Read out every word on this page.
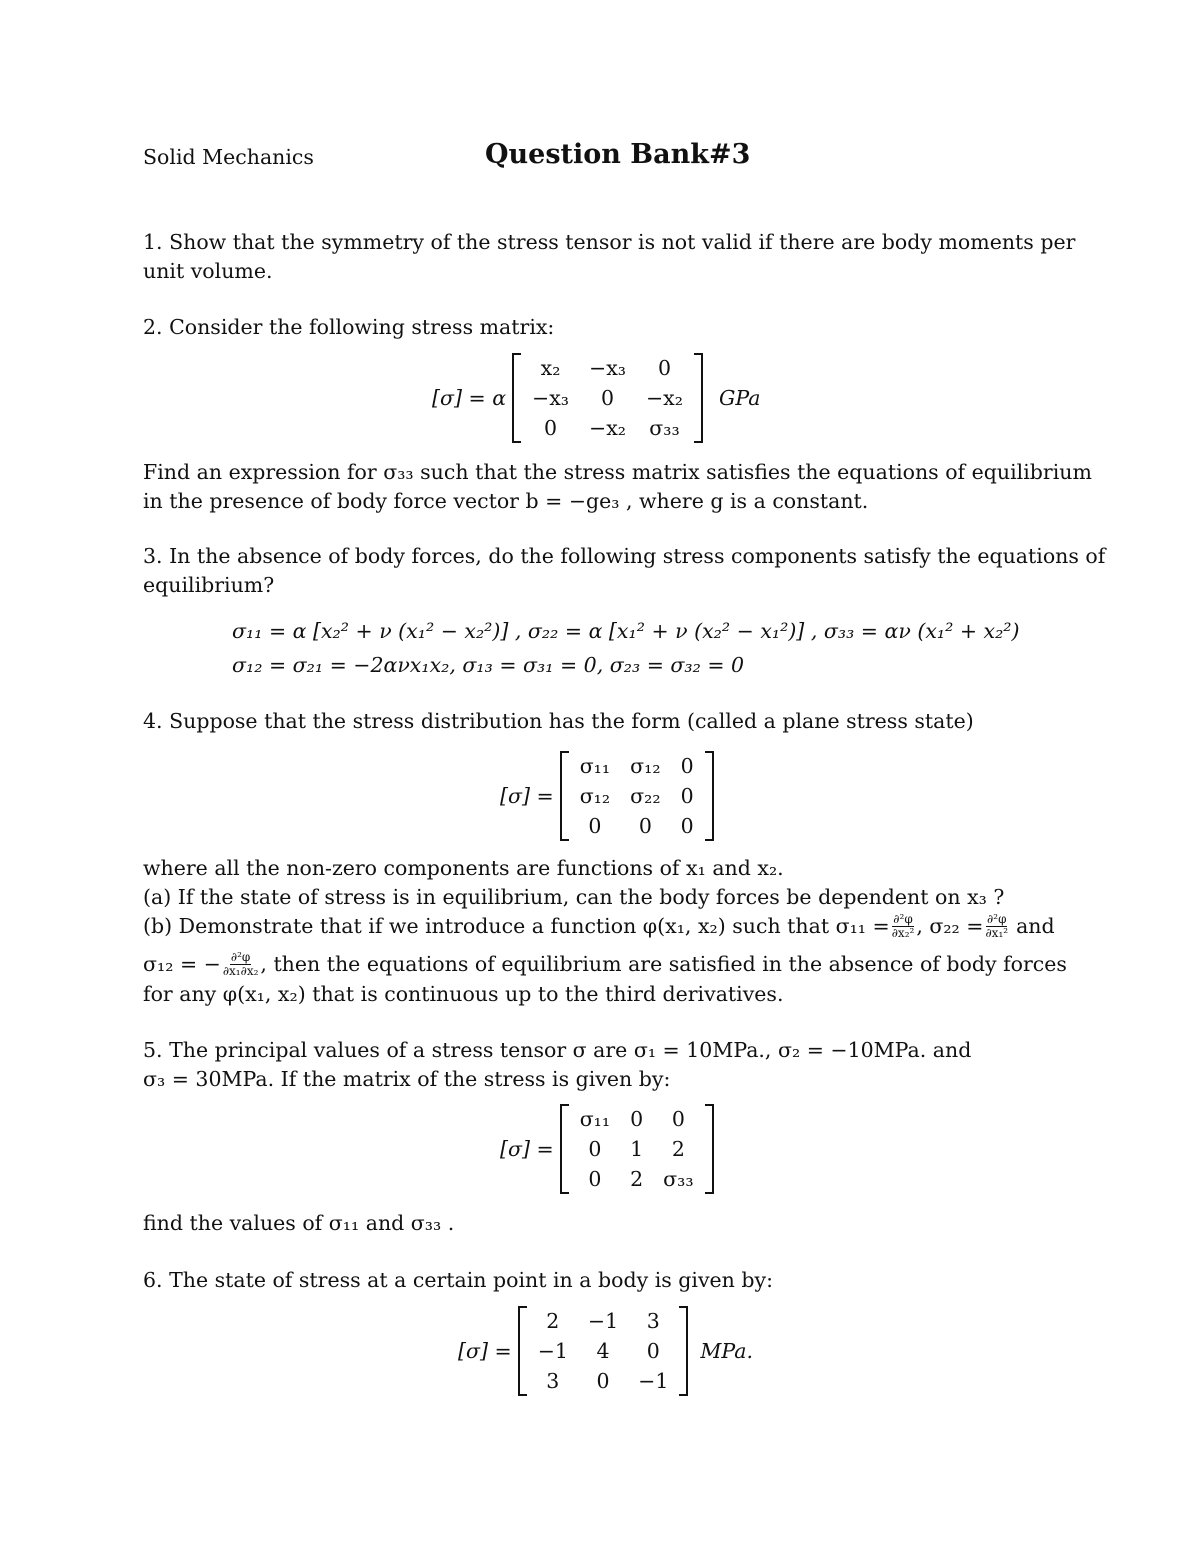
Solid Mechanics	Question Bank#3
1. Show that the symmetry of the stress tensor is not valid if there are body moments per
unit volume.
2. Consider the following stress matrix:
[σ] = α
x₂	−x₃	0
−x₃	0	−x₂
0	−x₂	σ₃₃
GPa
Find an expression for σ₃₃ such that the stress matrix satisfies the equations of equilibrium
in the presence of body force vector b = −ge₃ , where g is a constant.
3. In the absence of body forces, do the following stress components satisfy the equations of
equilibrium?
σ₁₁ = α [x₂² + ν (x₁² − x₂²)] , σ₂₂ = α [x₁² + ν (x₂² − x₁²)] , σ₃₃ = αν (x₁² + x₂²)
σ₁₂ = σ₂₁ = −2ανx₁x₂, σ₁₃ = σ₃₁ = 0, σ₂₃ = σ₃₂ = 0
4. Suppose that the stress distribution has the form (called a plane stress state)
[σ] =
σ₁₁	σ₁₂	0
σ₁₂	σ₂₂	0
0	0	0
where all the non-zero components are functions of x₁ and x₂.
(a) If the state of stress is in equilibrium, can the body forces be dependent on x₃ ?
(b) Demonstrate that if we introduce a function φ(x₁, x₂) such that $\sigma_{11} = \frac{\text{∂²φ}}{\text{∂x₂²}}$ , $\sigma_{22} = \frac{\text{∂²φ}}{\text{∂x₁²}}$ and
σ₁₂ = − $\frac{\text{∂²φ}}{\text{∂x₁∂x₂}}$ , then the equations of equilibrium are satisfied in the absence of body forces
for any φ(x₁, x₂) that is continuous up to the third derivatives.
5. The principal values of a stress tensor σ are σ₁ = 10MPa., σ₂ = −10MPa. and
σ₃ = 30MPa. If the matrix of the stress is given by:
[σ] =
σ₁₁	0	0
0	1	2
0	2	σ₃₃
find the values of σ₁₁ and σ₃₃ .
6. The state of stress at a certain point in a body is given by:
[σ] =
2	−1	3
−1	4	0
3	0	−1
MPa.
